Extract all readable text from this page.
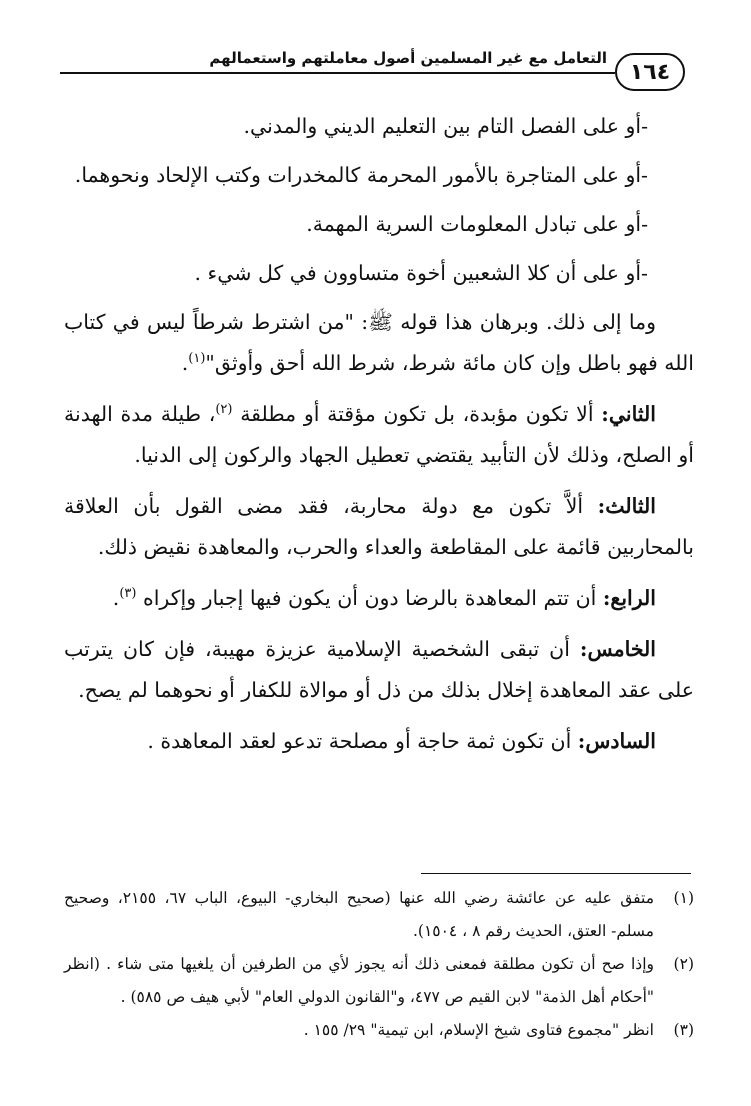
التعامل مع غير المسلمين أصول معاملتهم واستعمالهم
١٦٤

-أو على الفصل التام بين التعليم الديني والمدني.

-أو على المتاجرة بالأمور المحرمة كالمخدرات وكتب الإلحاد ونحوهما.

-أو على تبادل المعلومات السرية المهمة.

-أو على أن كلا الشعبين أخوة متساوون في كل شيء .

وما إلى ذلك. وبرهان هذا قوله ﷺ: "من اشترط شرطاً ليس في كتاب الله فهو باطل وإن كان مائة شرط، شرط الله أحق وأوثق"$^{(١)}$.

الثاني: ألا تكون مؤبدة، بل تكون مؤقتة أو مطلقة $^{(٢)}$، طيلة مدة الهدنة أو الصلح، وذلك لأن التأبيد يقتضي تعطيل الجهاد والركون إلى الدنيا.

الثالث: ألاَّ تكون مع دولة محاربة، فقد مضى القول بأن العلاقة بالمحاربين قائمة على المقاطعة والعداء والحرب، والمعاهدة نقيض ذلك.

الرابع: أن تتم المعاهدة بالرضا دون أن يكون فيها إجبار وإكراه $^{(٣)}$.

الخامس: أن تبقى الشخصية الإسلامية عزيزة مهيبة، فإن كان يترتب على عقد المعاهدة إخلال بذلك من ذل أو موالاة للكفار أو نحوهما لم يصح.

السادس: أن تكون ثمة حاجة أو مصلحة تدعو لعقد المعاهدة .

(١)
متفق عليه عن عائشة رضي الله عنها (صحيح البخاري- البيوع، الباب ٦٧، ٢١٥٥، وصحيح مسلم- العتق، الحديث رقم ٨ ، ١٥٠٤).
(٢)
وإذا صح أن تكون مطلقة فمعنى ذلك أنه يجوز لأي من الطرفين أن يلغيها متى شاء . (انظر "أحكام أهل الذمة" لابن القيم ص ٤٧٧، و"القانون الدولي العام" لأبي هيف ص ٥٨٥) .
(٣)
انظر "مجموع فتاوى شيخ الإسلام، ابن تيمية" ٢٩/ ١٥٥ .
